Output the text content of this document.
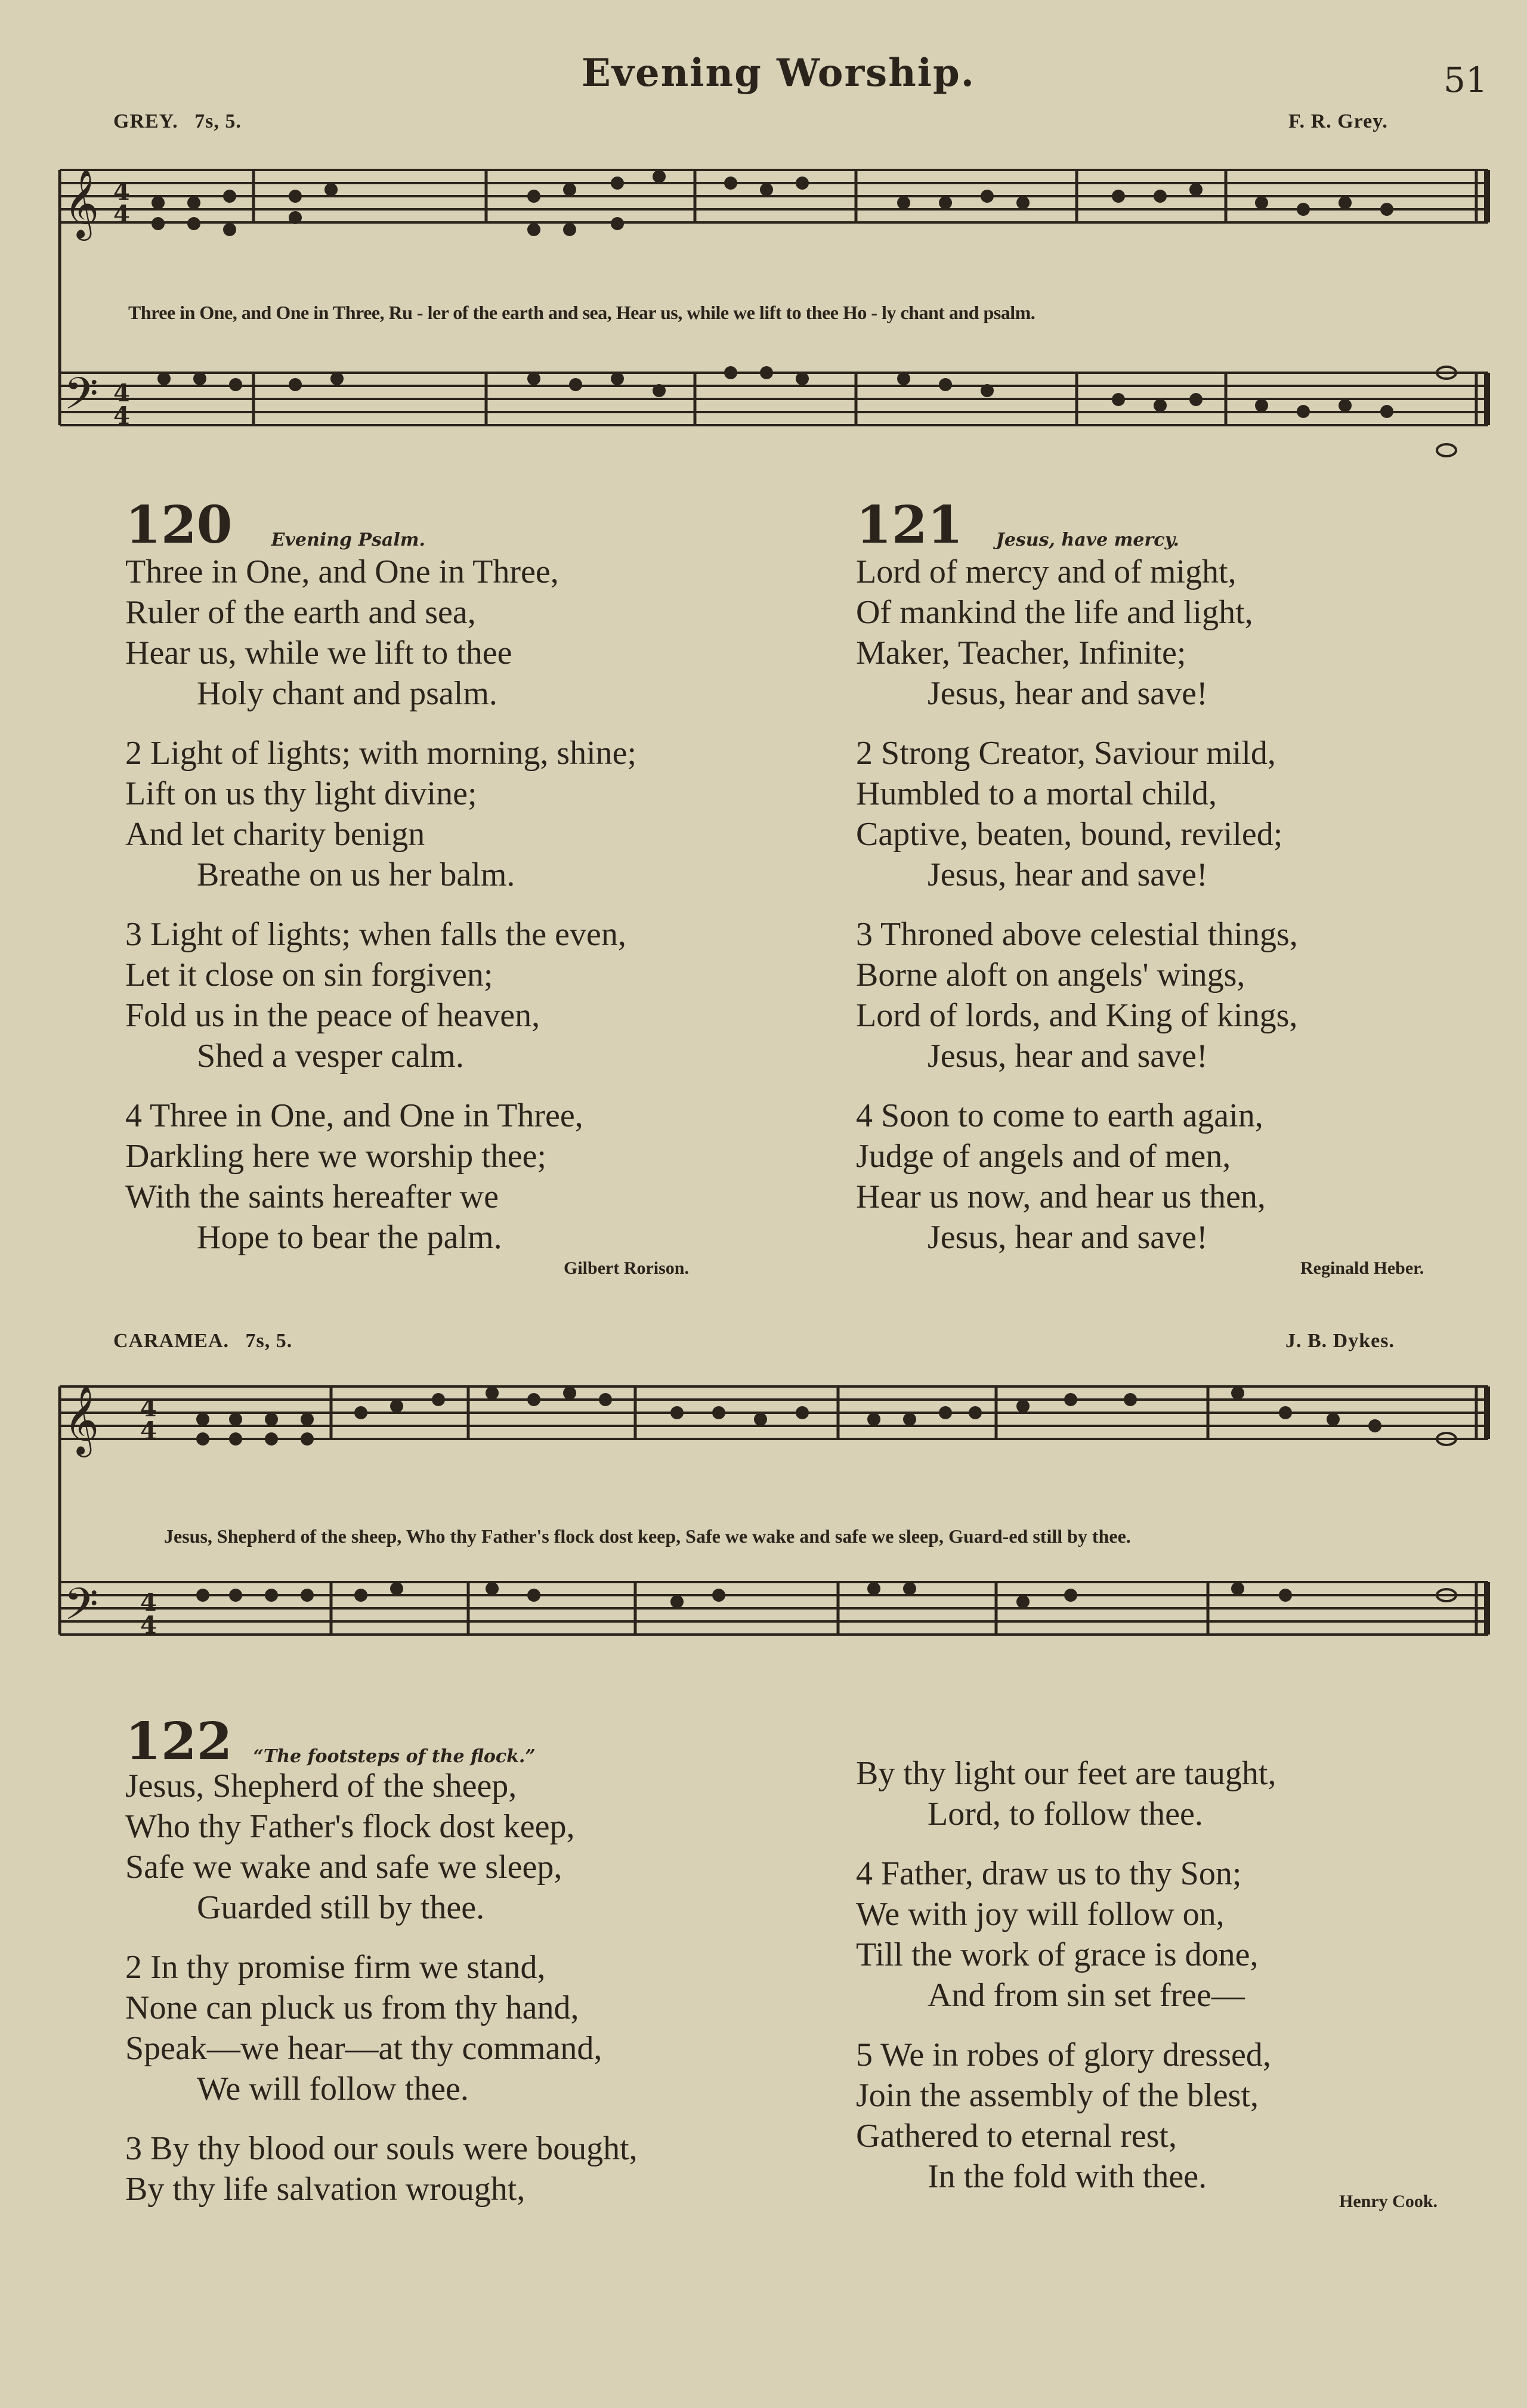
Evening Worship.	51
GREY. 7s, 5.	F. R. Grey.
𝄞
𝄢
4
4
4
4
Three in One, and One in Three, Ru - ler of the earth and sea, Hear us, while we lift to thee Ho - ly chant and psalm.
120 Evening Psalm.
Three in One, and One in Three,
Ruler of the earth and sea,
Hear us, while we lift to thee
Holy chant and psalm.
2 Light of lights; with morning, shine;
Lift on us thy light divine;
And let charity benign
Breathe on us her balm.
3 Light of lights; when falls the even,
Let it close on sin forgiven;
Fold us in the peace of heaven,
Shed a vesper calm.
4 Three in One, and One in Three,
Darkling here we worship thee;
With the saints hereafter we
Hope to bear the palm.
Gilbert Rorison.
121 Jesus, have mercy.
Lord of mercy and of might,
Of mankind the life and light,
Maker, Teacher, Infinite;
Jesus, hear and save!
2 Strong Creator, Saviour mild,
Humbled to a mortal child,
Captive, beaten, bound, reviled;
Jesus, hear and save!
3 Throned above celestial things,
Borne aloft on angels' wings,
Lord of lords, and King of kings,
Jesus, hear and save!
4 Soon to come to earth again,
Judge of angels and of men,
Hear us now, and hear us then,
Jesus, hear and save!
Reginald Heber.
CARAMEA. 7s, 5.	J. B. Dykes.
𝄞
𝄢
4
4
4
4
Jesus, Shepherd of the sheep, Who thy Father's flock dost keep, Safe we wake and safe we sleep, Guard-ed still by thee.
122 “The footsteps of the flock.”
Jesus, Shepherd of the sheep,
Who thy Father's flock dost keep,
Safe we wake and safe we sleep,
Guarded still by thee.
2 In thy promise firm we stand,
None can pluck us from thy hand,
Speak—we hear—at thy command,
We will follow thee.
3 By thy blood our souls were bought,
By thy life salvation wrought,
By thy light our feet are taught,
Lord, to follow thee.
4 Father, draw us to thy Son;
We with joy will follow on,
Till the work of grace is done,
And from sin set free—
5 We in robes of glory dressed,
Join the assembly of the blest,
Gathered to eternal rest,
In the fold with thee.
Henry Cook.
